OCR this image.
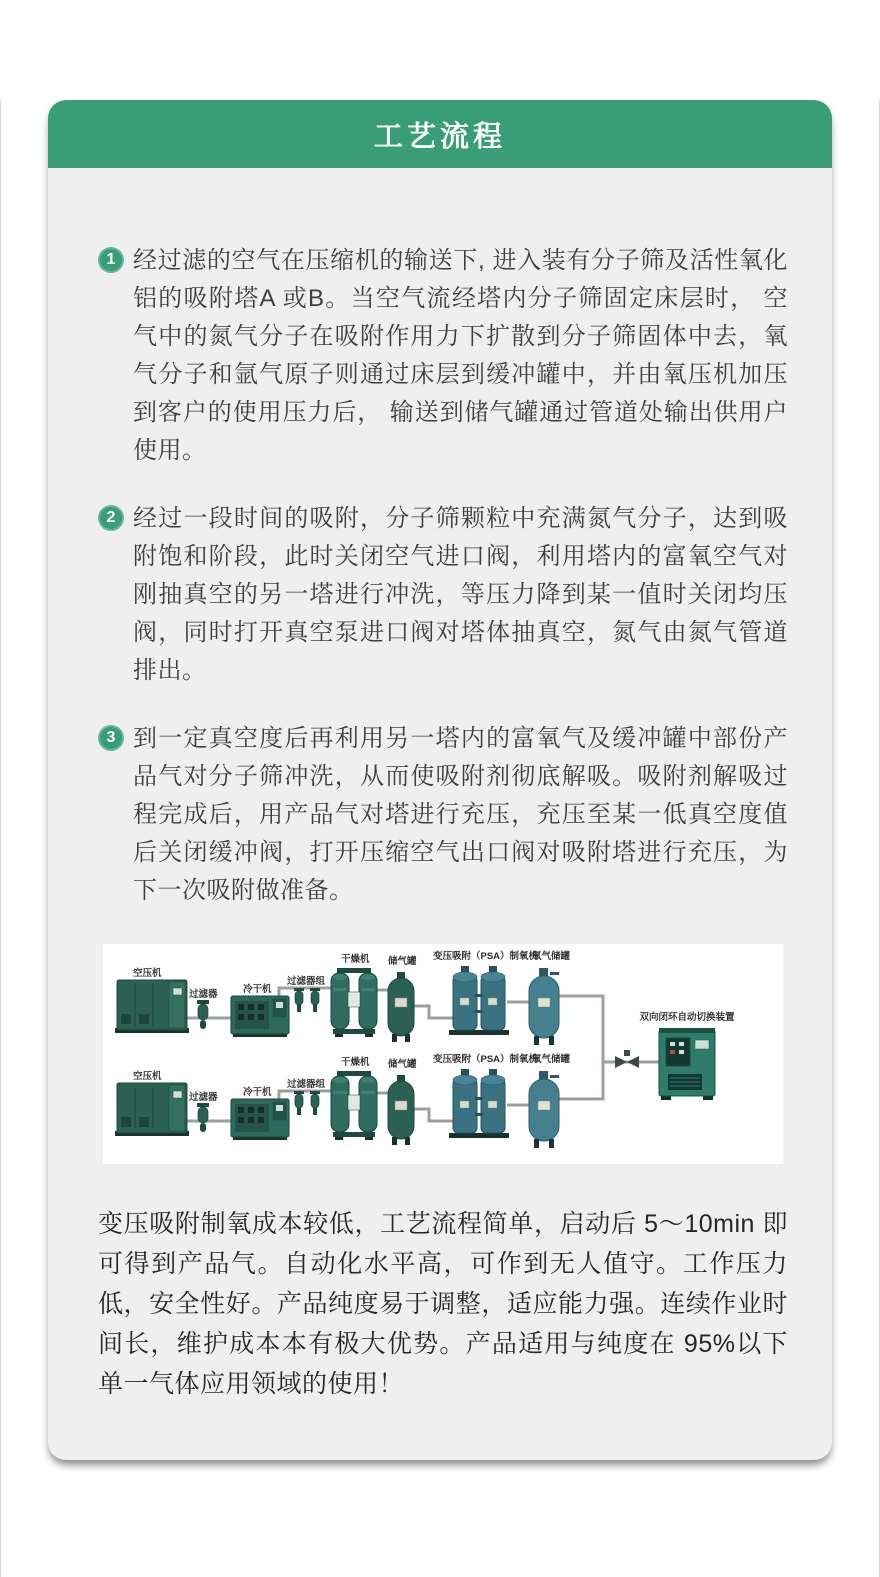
工艺流程
1 经过滤的空气在压缩机的输送下, 进入装有分子筛及活性氧化铝的吸附塔A 或B。当空气流经塔内分子筛固定床层时， 空气中的氮气分子在吸附作用力下扩散到分子筛固体中去，氧气分子和氩气原子则通过床层到缓冲罐中，并由氧压机加压到客户的使用压力后， 输送到储气罐通过管道处输出供用户使用。
2 经过一段时间的吸附，分子筛颗粒中充满氮气分子，达到吸附饱和阶段，此时关闭空气进口阀，利用塔内的富氧空气对刚抽真空的另一塔进行冲洗，等压力降到某一值时关闭均压阀，同时打开真空泵进口阀对塔体抽真空，氮气由氮气管道排出。
3 到一定真空度后再利用另一塔内的富氧气及缓冲罐中部份产品气对分子筛冲洗，从而使吸附剂彻底解吸。吸附剂解吸过程完成后，用产品气对塔进行充压，充压至某一低真空度值后关闭缓冲阀，打开压缩空气出口阀对吸附塔进行充压，为下一次吸附做准备。
双向闭环自动切换装置

变压吸附制氧成本较低，工艺流程简单，启动后 5～10min 即可得到产品气。自动化水平高，可作到无人值守。工作压力低，安全性好。产品纯度易于调整，适应能力强。连续作业时间长，维护成本本有极大优势。产品适用与纯度在 95%以下单一气体应用领域的使用！
